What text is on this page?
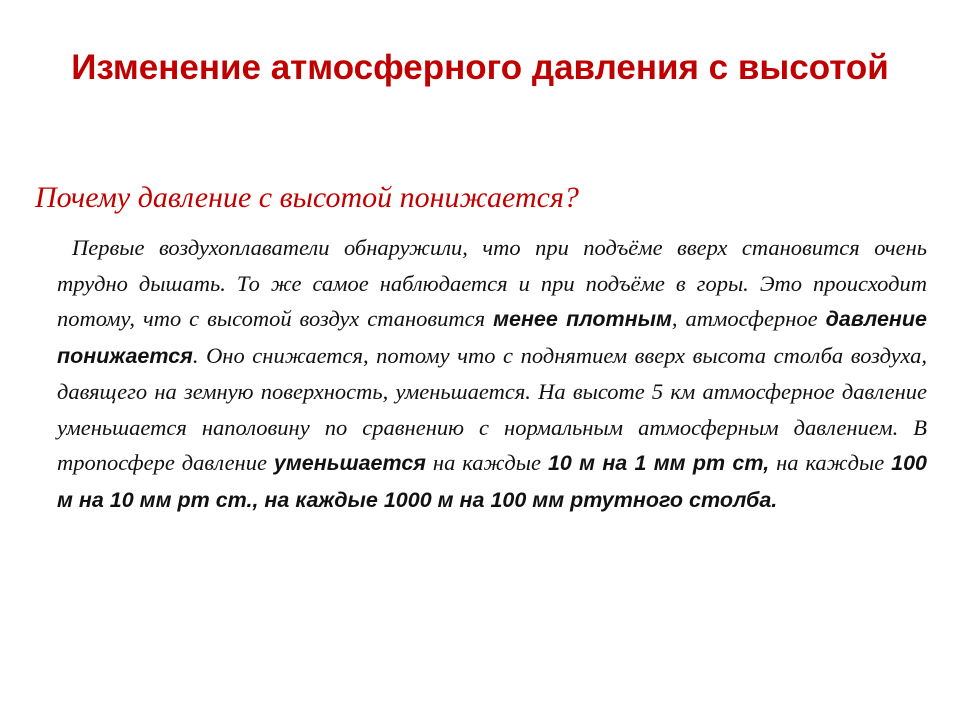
Изменение атмосферного давления с высотой

Почему давление с высотой понижается?

Первые воздухоплаватели обнаружили, что при подъёме вверх становится очень трудно дышать. То же самое наблюдается и при подъёме в горы. Это происходит потому, что с высотой воздух становится менее плотным, атмосферное давление понижается. Оно снижается, потому что с поднятием вверх высота столба воздуха, давящего на земную поверхность, уменьшается. На высоте 5 км атмосферное давление уменьшается наполовину по сравнению с нормальным атмосферным давлением. В тропосфере давление уменьшается на каждые 10 м на 1 мм рт ст, на каждые 100 м на 10 мм рт ст., на каждые 1000 м на 100 мм ртутного столба.
